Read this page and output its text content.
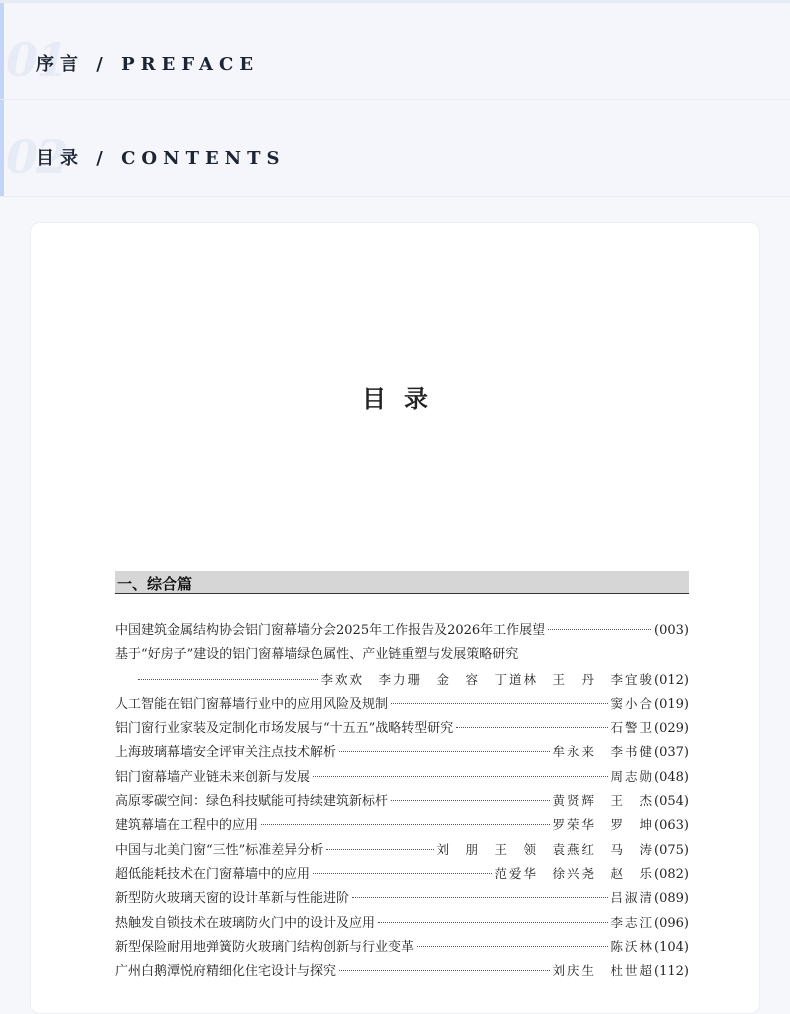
01
序言 / PREFACE
02
目录 / CONTENTS
目录
一、综合篇
中国建筑金属结构协会铝门窗幕墙分会2025年工作报告及2026年工作展望	(003)
基于“好房子”建设的铝门窗幕墙绿色属性、产业链重塑与发展策略研究
李欢欢　李力珊　金　容　丁道林　王　丹　李宜骏 (012)
人工智能在铝门窗幕墙行业中的应用风险及规制	窦小合 (019)
铝门窗行业家装及定制化市场发展与“十五五”战略转型研究	石警卫 (029)
上海玻璃幕墙安全评审关注点技术解析	牟永来　李书健 (037)
铝门窗幕墙产业链未来创新与发展	周志勋 (048)
高原零碳空间：绿色科技赋能可持续建筑新标杆	黄贤辉　王　杰 (054)
建筑幕墙在工程中的应用	罗荣华　罗　坤 (063)
中国与北美门窗“三性”标准差异分析	刘　朋　王　领　袁燕红　马　涛 (075)
超低能耗技术在门窗幕墙中的应用	范爱华　徐兴尧　赵　乐 (082)
新型防火玻璃天窗的设计革新与性能进阶	吕淑清 (089)
热触发自锁技术在玻璃防火门中的设计及应用	李志江 (096)
新型保险耐用地弹簧防火玻璃门结构创新与行业变革	陈沃林 (104)
广州白鹅潭悦府精细化住宅设计与探究	刘庆生　杜世超 (112)
